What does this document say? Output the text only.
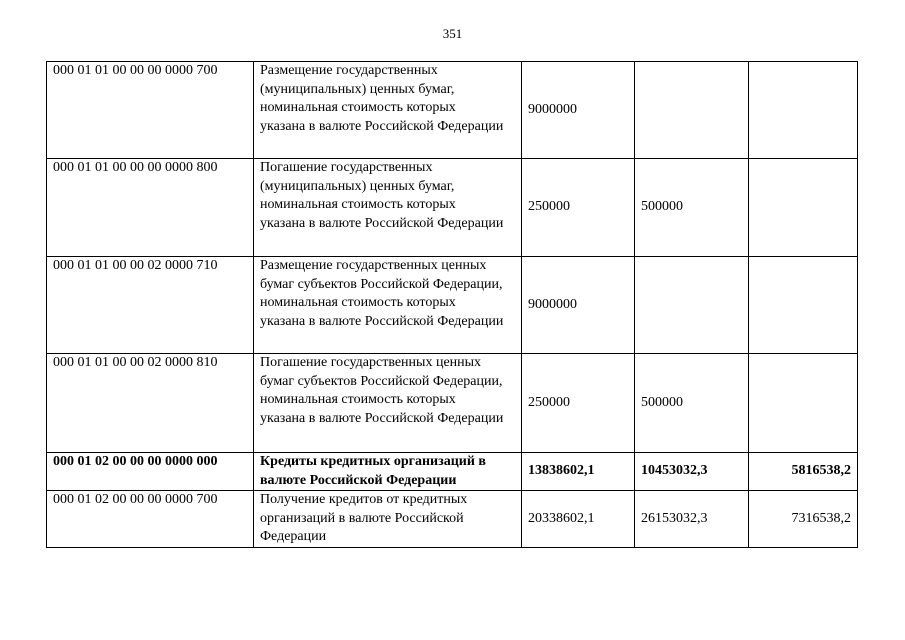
351
000 01 01 00 00 00 0000 700	Размещение государственных
(муниципальных) ценных бумаг,
номинальная стоимость которых
указана в валюте Российской Федерации	9000000		
000 01 01 00 00 00 0000 800	Погашение государственных
(муниципальных) ценных бумаг,
номинальная стоимость которых
указана в валюте Российской Федерации	250000	500000	
000 01 01 00 00 02 0000 710	Размещение государственных ценных
бумаг субъектов Российской Федерации,
номинальная стоимость которых
указана в валюте Российской Федерации	9000000		
000 01 01 00 00 02 0000 810	Погашение государственных ценных
бумаг субъектов Российской Федерации,
номинальная стоимость которых
указана в валюте Российской Федерации	250000	500000	
000 01 02 00 00 00 0000 000	Кредиты кредитных организаций в
валюте Российской Федерации	13838602,1	10453032,3	5816538,2
000 01 02 00 00 00 0000 700	Получение кредитов от кредитных
организаций в валюте Российской
Федерации	20338602,1	26153032,3	7316538,2
